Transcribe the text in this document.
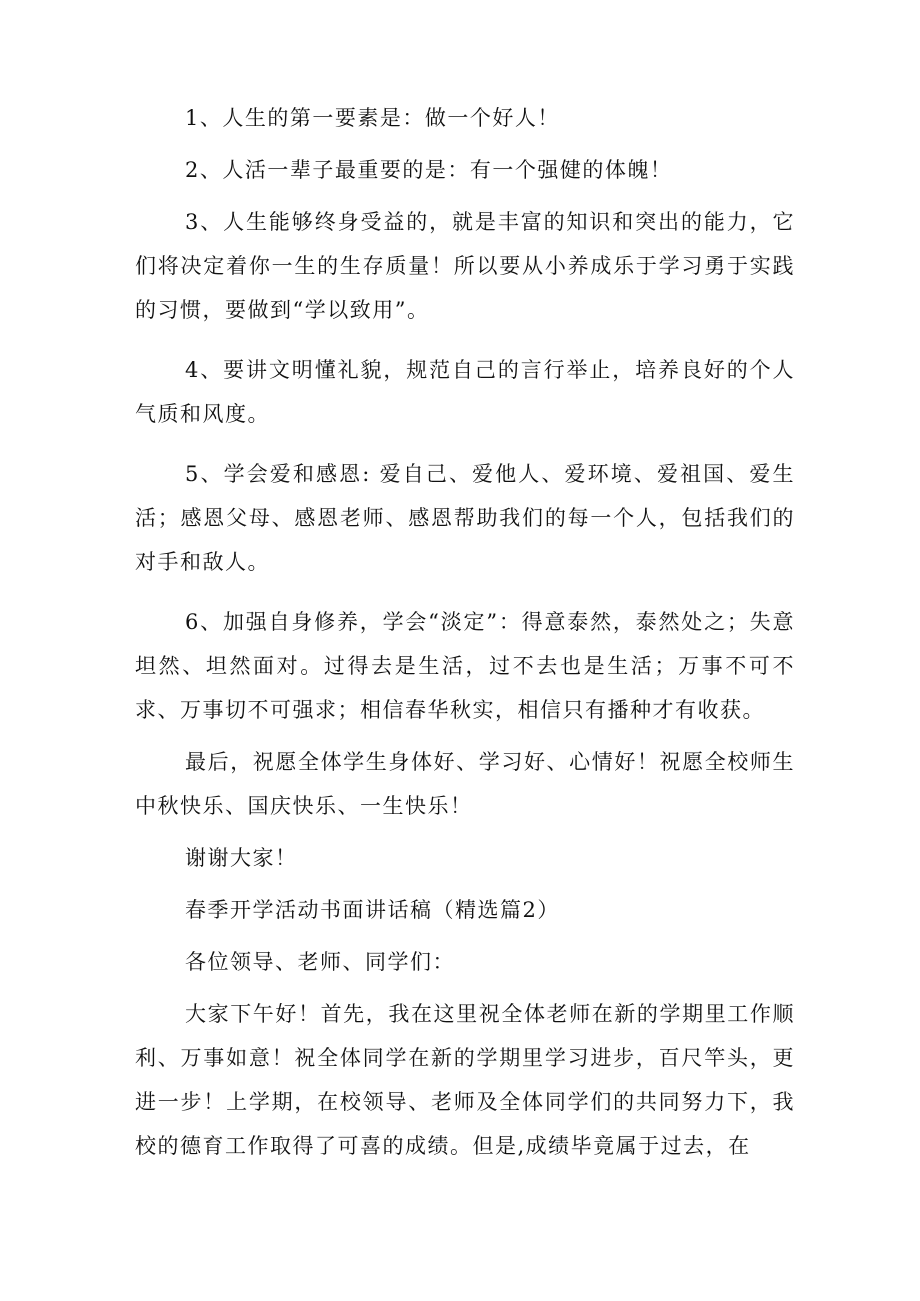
1、人生的第一要素是：做一个好人！

2、人活一辈子最重要的是：有一个强健的体魄！

3、人生能够终身受益的，就是丰富的知识和突出的能力，它们将决定着你一生的生存质量！所以要从小养成乐于学习勇于实践的习惯，要做到“学以致用”。

4、要讲文明懂礼貌，规范自己的言行举止，培养良好的个人气质和风度。

5、学会爱和感恩: 爱自己、爱他人、爱环境、爱祖国、爱生活；感恩父母、感恩老师、感恩帮助我们的每一个人，包括我们的对手和敌人。

6、加强自身修养，学会“淡定”：得意泰然，泰然处之；失意坦然、坦然面对。过得去是生活，过不去也是生活；万事不可不求、万事切不可强求；相信春华秋实，相信只有播种才有收获。

最后，祝愿全体学生身体好、学习好、心情好！祝愿全校师生中秋快乐、国庆快乐、一生快乐！

谢谢大家！

春季开学活动书面讲话稿（精选篇2）

各位领导、老师、同学们：

大家下午好！首先，我在这里祝全体老师在新的学期里工作顺利、万事如意！祝全体同学在新的学期里学习进步，百尺竿头，更进一步！上学期，在校领导、老师及全体同学们的共同努力下，我校的德育工作取得了可喜的成绩。但是,成绩毕竟属于过去，在
